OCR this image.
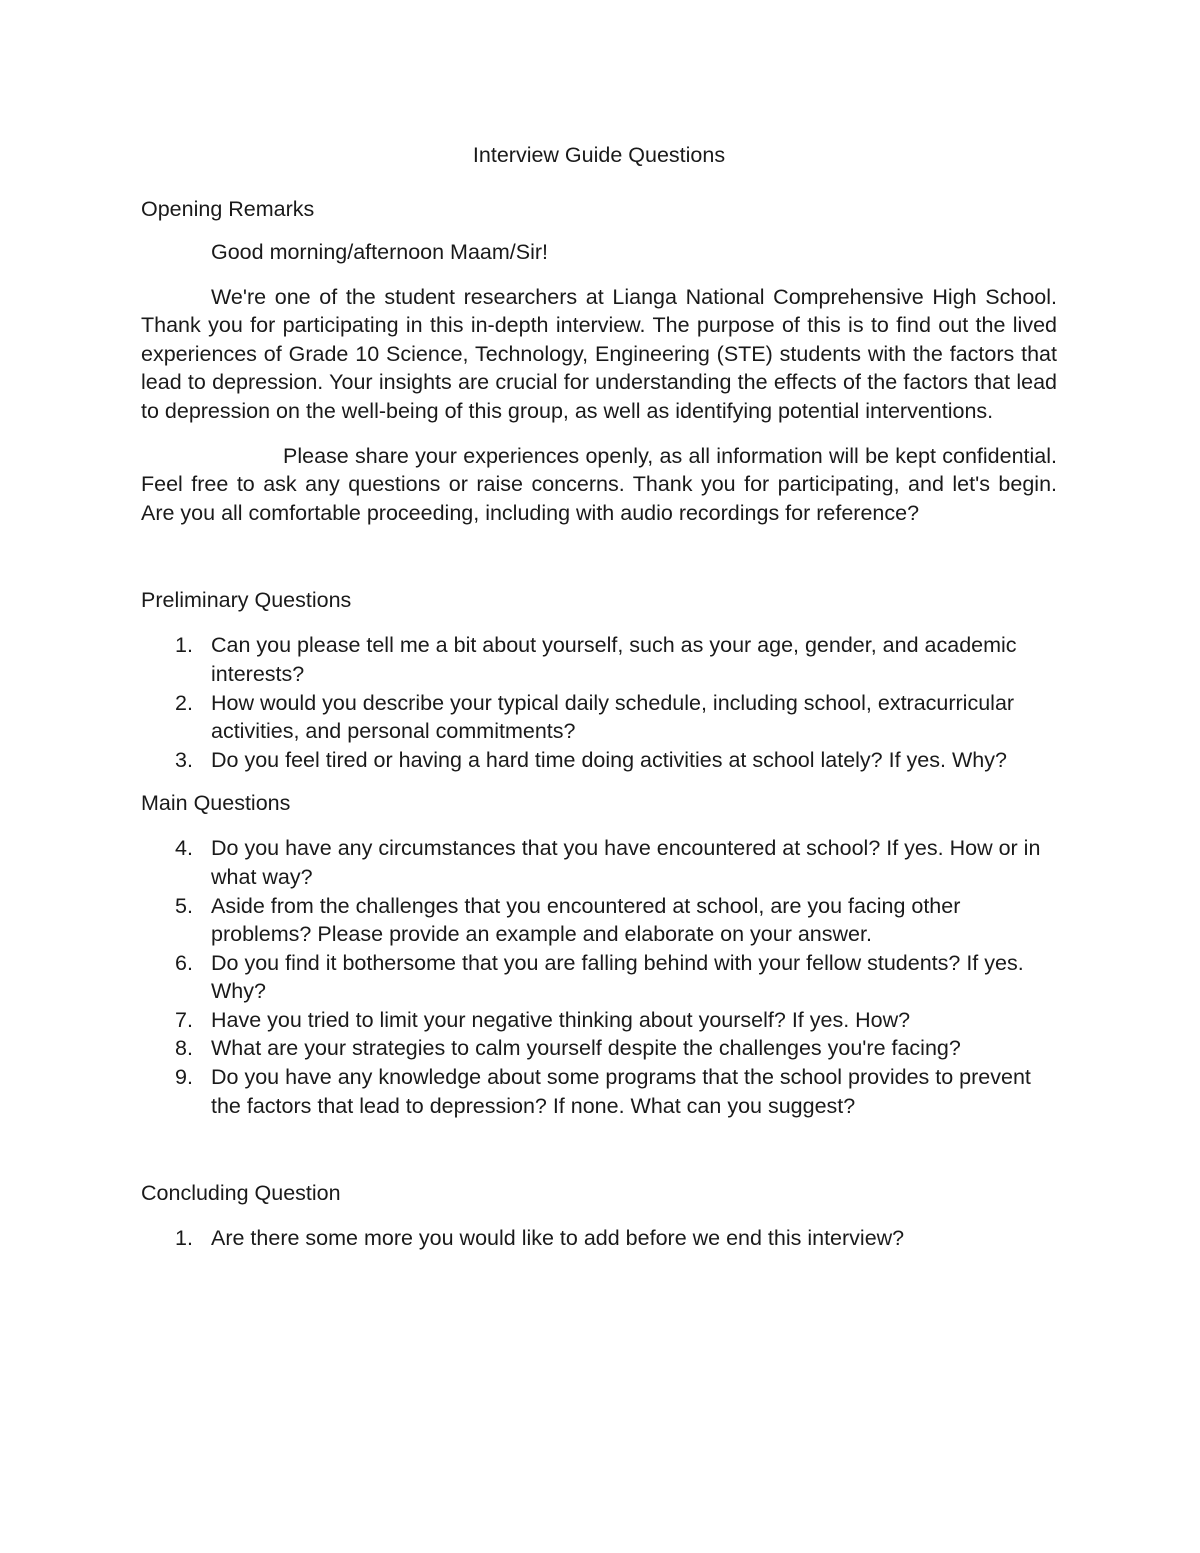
Interview Guide Questions
Opening Remarks

Good morning/afternoon Maam/Sir!

We're one of the student researchers at Lianga National Comprehensive High School. Thank you for participating in this in-depth interview. The purpose of this is to find out the lived experiences of Grade 10 Science, Technology, Engineering (STE) students with the factors that lead to depression. Your insights are crucial for understanding the effects of the factors that lead to depression on the well-being of this group, as well as identifying potential interventions.

Please share your experiences openly, as all information will be kept confidential. Feel free to ask any questions or raise concerns. Thank you for participating, and let's begin. Are you all comfortable proceeding, including with audio recordings for reference?

Preliminary Questions
1. Can you please tell me a bit about yourself, such as your age, gender, and academic interests?
2. How would you describe your typical daily schedule, including school, extracurricular activities, and personal commitments?
3. Do you feel tired or having a hard time doing activities at school lately? If yes. Why?
Main Questions
4. Do you have any circumstances that you have encountered at school? If yes. How or in what way?
5. Aside from the challenges that you encountered at school, are you facing other problems? Please provide an example and elaborate on your answer.
6. Do you find it bothersome that you are falling behind with your fellow students? If yes. Why?
7. Have you tried to limit your negative thinking about yourself? If yes. How?
8. What are your strategies to calm yourself despite the challenges you're facing?
9. Do you have any knowledge about some programs that the school provides to prevent the factors that lead to depression? If none. What can you suggest?
Concluding Question
1. Are there some more you would like to add before we end this interview?
